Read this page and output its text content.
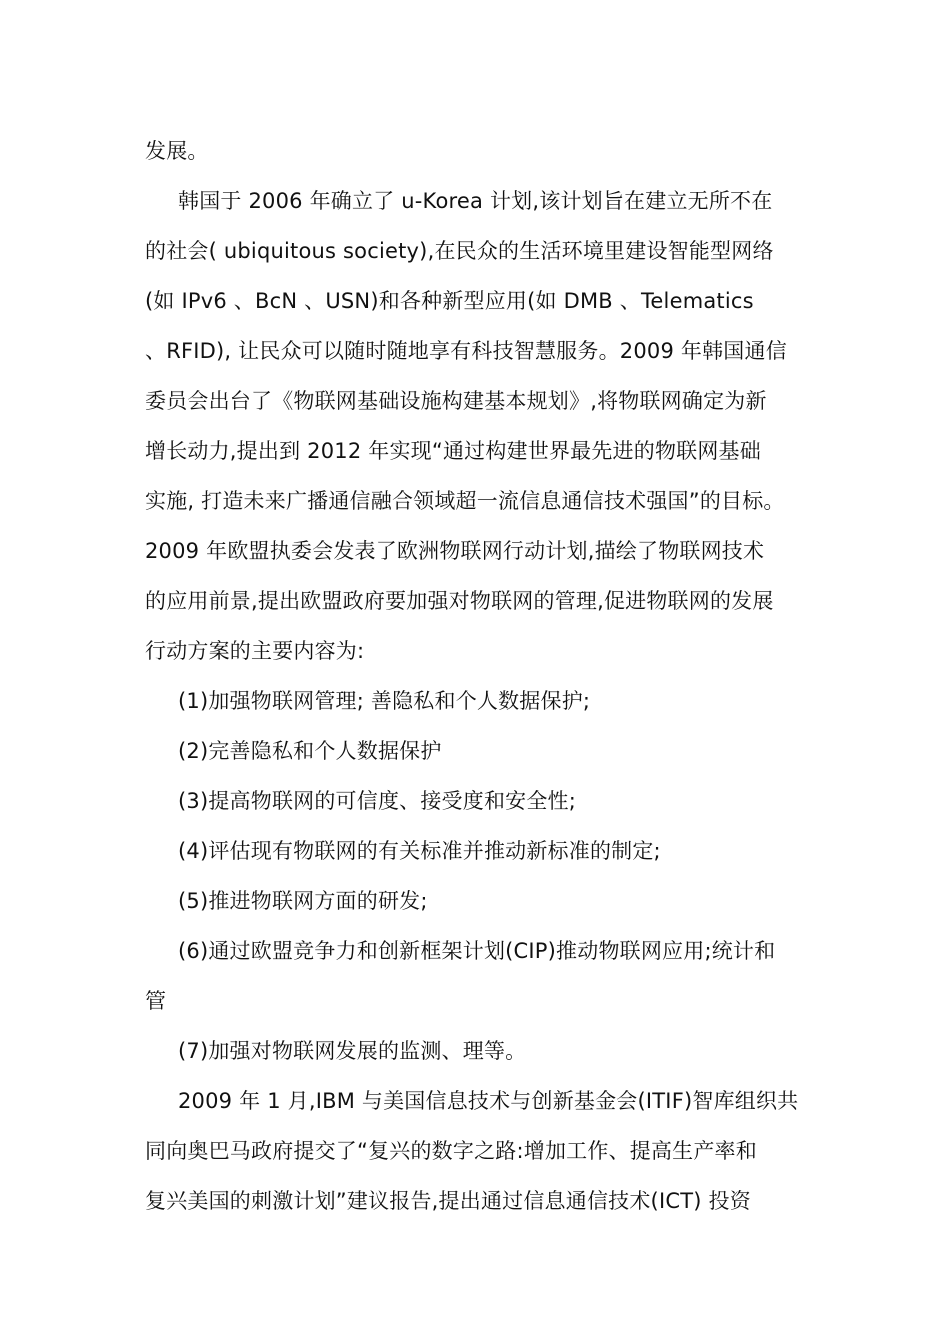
发展。
韩国于 2006 年确立了 u-Korea 计划,该计划旨在建立无所不在
的社会( ubiquitous society),在民众的生活环境里建设智能型网络
(如 IPv6 、BcN 、USN)和各种新型应用(如 DMB 、Telematics
、RFID), 让民众可以随时随地享有科技智慧服务。2009 年韩国通信
委员会出台了《物联网基础设施构建基本规划》,将物联网确定为新
增长动力,提出到 2012 年实现“通过构建世界最先进的物联网基础
实施, 打造未来广播通信融合领域超一流信息通信技术强国”的目标。
2009 年欧盟执委会发表了欧洲物联网行动计划,描绘了物联网技术
的应用前景,提出欧盟政府要加强对物联网的管理,促进物联网的发展
行动方案的主要内容为:
(1)加强物联网管理; 善隐私和个人数据保护;
(2)完善隐私和个人数据保护
(3)提高物联网的可信度、接受度和安全性;
(4)评估现有物联网的有关标准并推动新标准的制定;
(5)推进物联网方面的研发;
(6)通过欧盟竞争力和创新框架计划(CIP)推动物联网应用;统计和
管
(7)加强对物联网发展的监测、理等。
2009 年 1 月,IBM 与美国信息技术与创新基金会(ITIF)智库组织共
同向奥巴马政府提交了“复兴的数字之路:增加工作、提高生产率和
复兴美国的刺激计划”建议报告,提出通过信息通信技术(ICT) 投资
